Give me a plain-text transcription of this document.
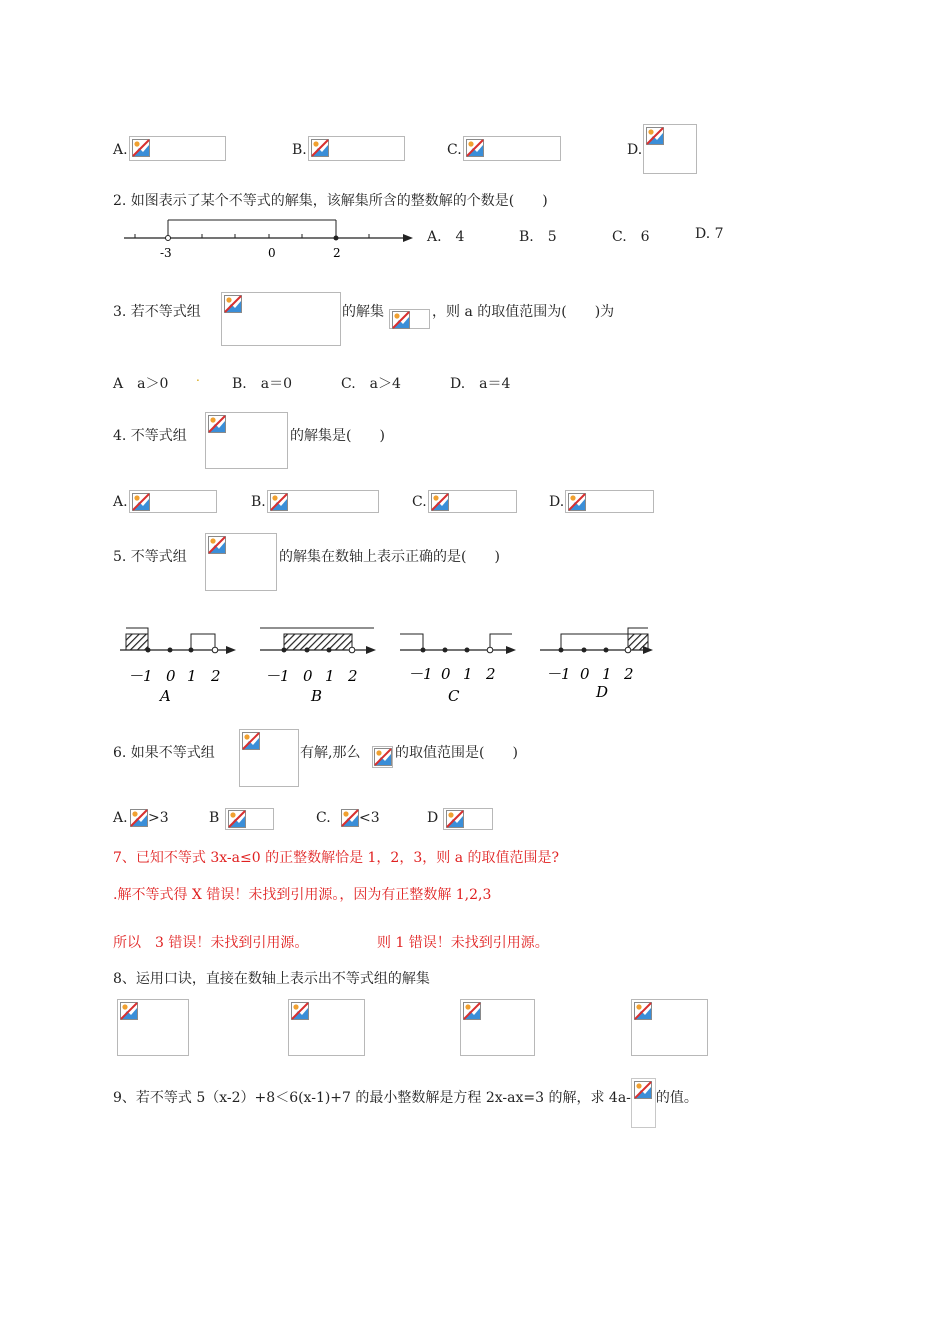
A.	B.	C.	D.
2. 如图表示了某个不等式的解集，该解集所含的整数解的个数是(　　)
-3	0	2
A.　4	B.　5	C.　6	D. 7
3. 若不等式组	的解集	，则 a 的取值范围为(　　)为
A　a＞0 . B.　a＝0	C.　a＞4	D.　a＝4
4. 不等式组	的解集是(　　)
A.	B.	C.	D.
5. 不等式组	的解集在数轴上表示正确的是(　　)
－1 0 1 2	－1 0 1 2	－1 0 1 2	－1 0 1 2
A	B	C	D
6. 如果不等式组	有解,那么 的取值范围是(　　)
A. >3	B	C. <3	D
7、已知不等式 3x-a≤0 的正整数解恰是 1，2，3，则 a 的取值范围是?
.解不等式得 X 错误！未找到引用源。，因为有正整数解 1,2,3
所以　3 错误！未找到引用源。	则 1 错误！未找到引用源。
8、运用口诀，直接在数轴上表示出不等式组的解集
9、若不等式 5（x-2）+8＜6(x-1)+7 的最小整数解是方程 2x-ax=3 的解，求 4a- 的值。
